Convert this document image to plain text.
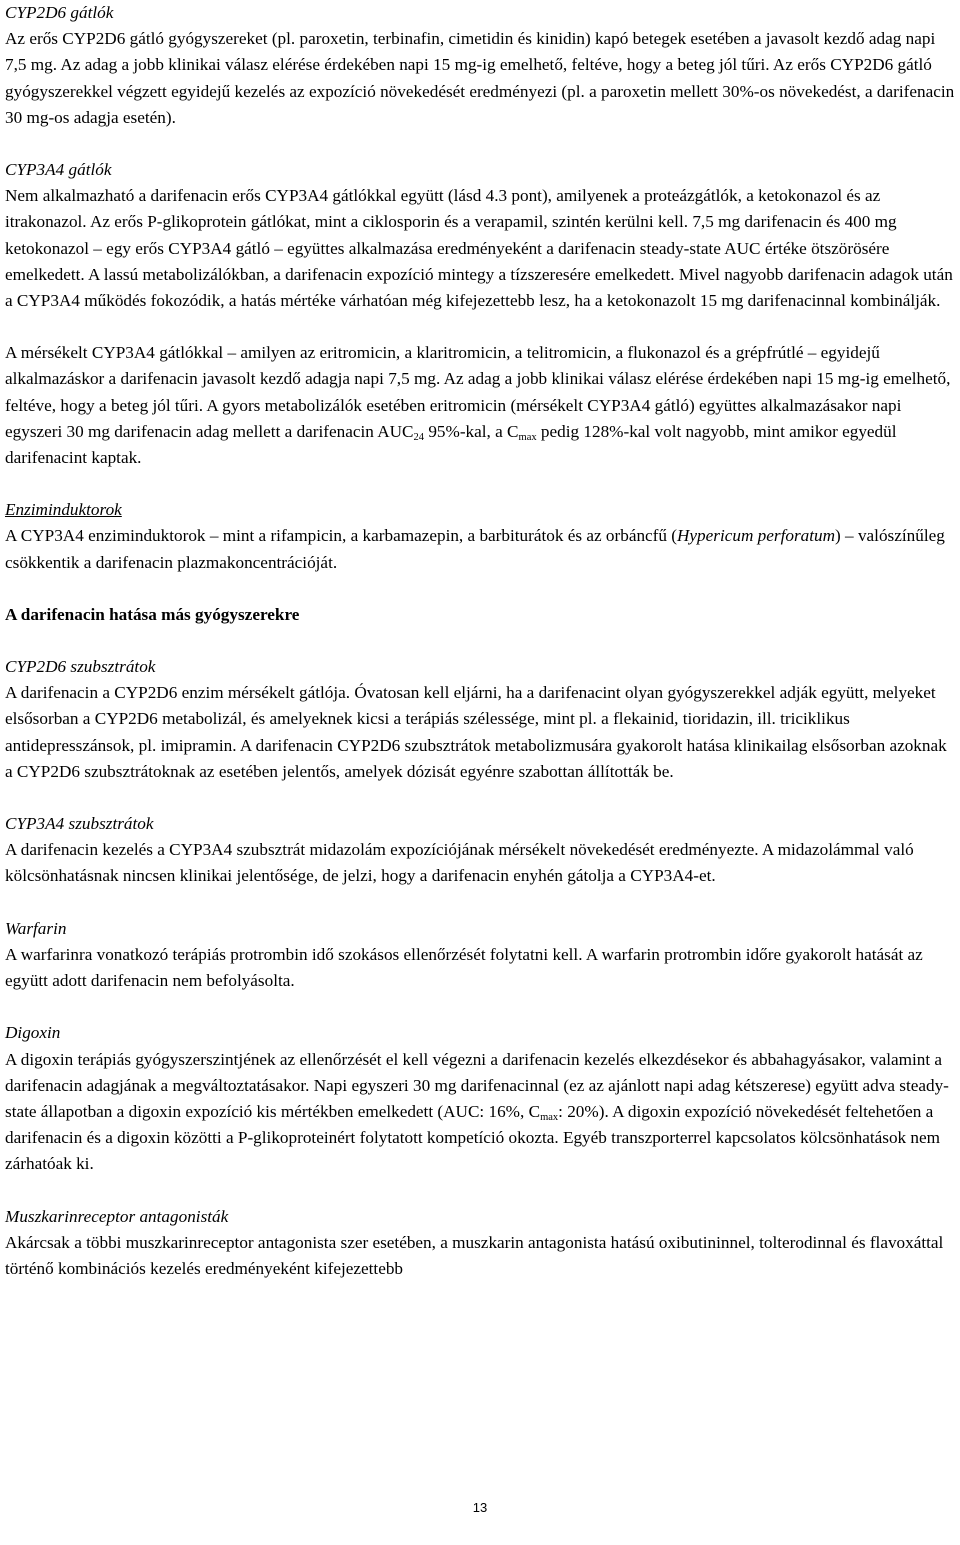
CYP2D6 gátlók

Az erős CYP2D6 gátló gyógyszereket (pl. paroxetin, terbinafin, cimetidin és kinidin) kapó betegek esetében a javasolt kezdő adag napi 7,5 mg. Az adag a jobb klinikai válasz elérése érdekében napi 15 mg-ig emelhető, feltéve, hogy a beteg jól tűri. Az erős CYP2D6 gátló gyógyszerekkel végzett egyidejű kezelés az expozíció növekedését eredményezi (pl. a paroxetin mellett 30%-os növekedést, a darifenacin 30 mg-os adagja esetén).

CYP3A4 gátlók

Nem alkalmazható a darifenacin erős CYP3A4 gátlókkal együtt (lásd 4.3 pont), amilyenek a proteázgátlók, a ketokonazol és az itrakonazol. Az erős P-glikoprotein gátlókat, mint a ciklosporin és a verapamil, szintén kerülni kell. 7,5 mg darifenacin és 400 mg ketokonazol – egy erős CYP3A4 gátló – együttes alkalmazása eredményeként a darifenacin steady-state AUC értéke ötszörösére emelkedett. A lassú metabolizálókban, a darifenacin expozíció mintegy a tízszeresére emelkedett. Mivel nagyobb darifenacin adagok után a CYP3A4 működés fokozódik, a hatás mértéke várhatóan még kifejezettebb lesz, ha a ketokonazolt 15 mg darifenacinnal kombinálják.

A mérsékelt CYP3A4 gátlókkal – amilyen az eritromicin, a klaritromicin, a telitromicin, a flukonazol és a grépfrútlé – egyidejű alkalmazáskor a darifenacin javasolt kezdő adagja napi 7,5 mg. Az adag a jobb klinikai válasz elérése érdekében napi 15 mg-ig emelhető, feltéve, hogy a beteg jól tűri. A gyors metabolizálók esetében eritromicin (mérsékelt CYP3A4 gátló) együttes alkalmazásakor napi egyszeri 30 mg darifenacin adag mellett a darifenacin $AUC_{24}$ 95%-kal, a $C_{max}$ pedig 128%-kal volt nagyobb, mint amikor egyedül darifenacint kaptak.

Enziminduktorok

A CYP3A4 enziminduktorok – mint a rifampicin, a karbamazepin, a barbiturátok és az orbáncfű (Hypericum perforatum) – valószínűleg csökkentik a darifenacin plazmakoncentrációját.

A darifenacin hatása más gyógyszerekre

CYP2D6 szubsztrátok

A darifenacin a CYP2D6 enzim mérsékelt gátlója. Óvatosan kell eljárni, ha a darifenacint olyan gyógyszerekkel adják együtt, melyeket elsősorban a CYP2D6 metabolizál, és amelyeknek kicsi a terápiás szélessége, mint pl. a flekainid, tioridazin, ill. triciklikus antidepresszánsok, pl. imipramin. A darifenacin CYP2D6 szubsztrátok metabolizmusára gyakorolt hatása klinikailag elsősorban azoknak a CYP2D6 szubsztrátoknak az esetében jelentős, amelyek dózisát egyénre szabottan állították be.

CYP3A4 szubsztrátok

A darifenacin kezelés a CYP3A4 szubsztrát midazolám expozíciójának mérsékelt növekedését eredményezte. A midazolámmal való kölcsönhatásnak nincsen klinikai jelentősége, de jelzi, hogy a darifenacin enyhén gátolja a CYP3A4-et.

Warfarin

A warfarinra vonatkozó terápiás protrombin idő szokásos ellenőrzését folytatni kell. A warfarin protrombin időre gyakorolt hatását az együtt adott darifenacin nem befolyásolta.

Digoxin

A digoxin terápiás gyógyszerszintjének az ellenőrzését el kell végezni a darifenacin kezelés elkezdésekor és abbahagyásakor, valamint a darifenacin adagjának a megváltoztatásakor. Napi egyszeri 30 mg darifenacinnal (ez az ajánlott napi adag kétszerese) együtt adva steady-state állapotban a digoxin expozíció kis mértékben emelkedett (AUC: 16%, $C_{max}$: 20%). A digoxin expozíció növekedését feltehetően a darifenacin és a digoxin közötti a P-glikoproteinért folytatott kompetíció okozta. Egyéb transzporterrel kapcsolatos kölcsönhatások nem zárhatóak ki.

Muszkarinreceptor antagonisták

Akárcsak a többi muszkarinreceptor antagonista szer esetében, a muszkarin antagonista hatású oxibutininnel, tolterodinnal és flavoxáttal történő kombinációs kezelés eredményeként kifejezettebb

13
